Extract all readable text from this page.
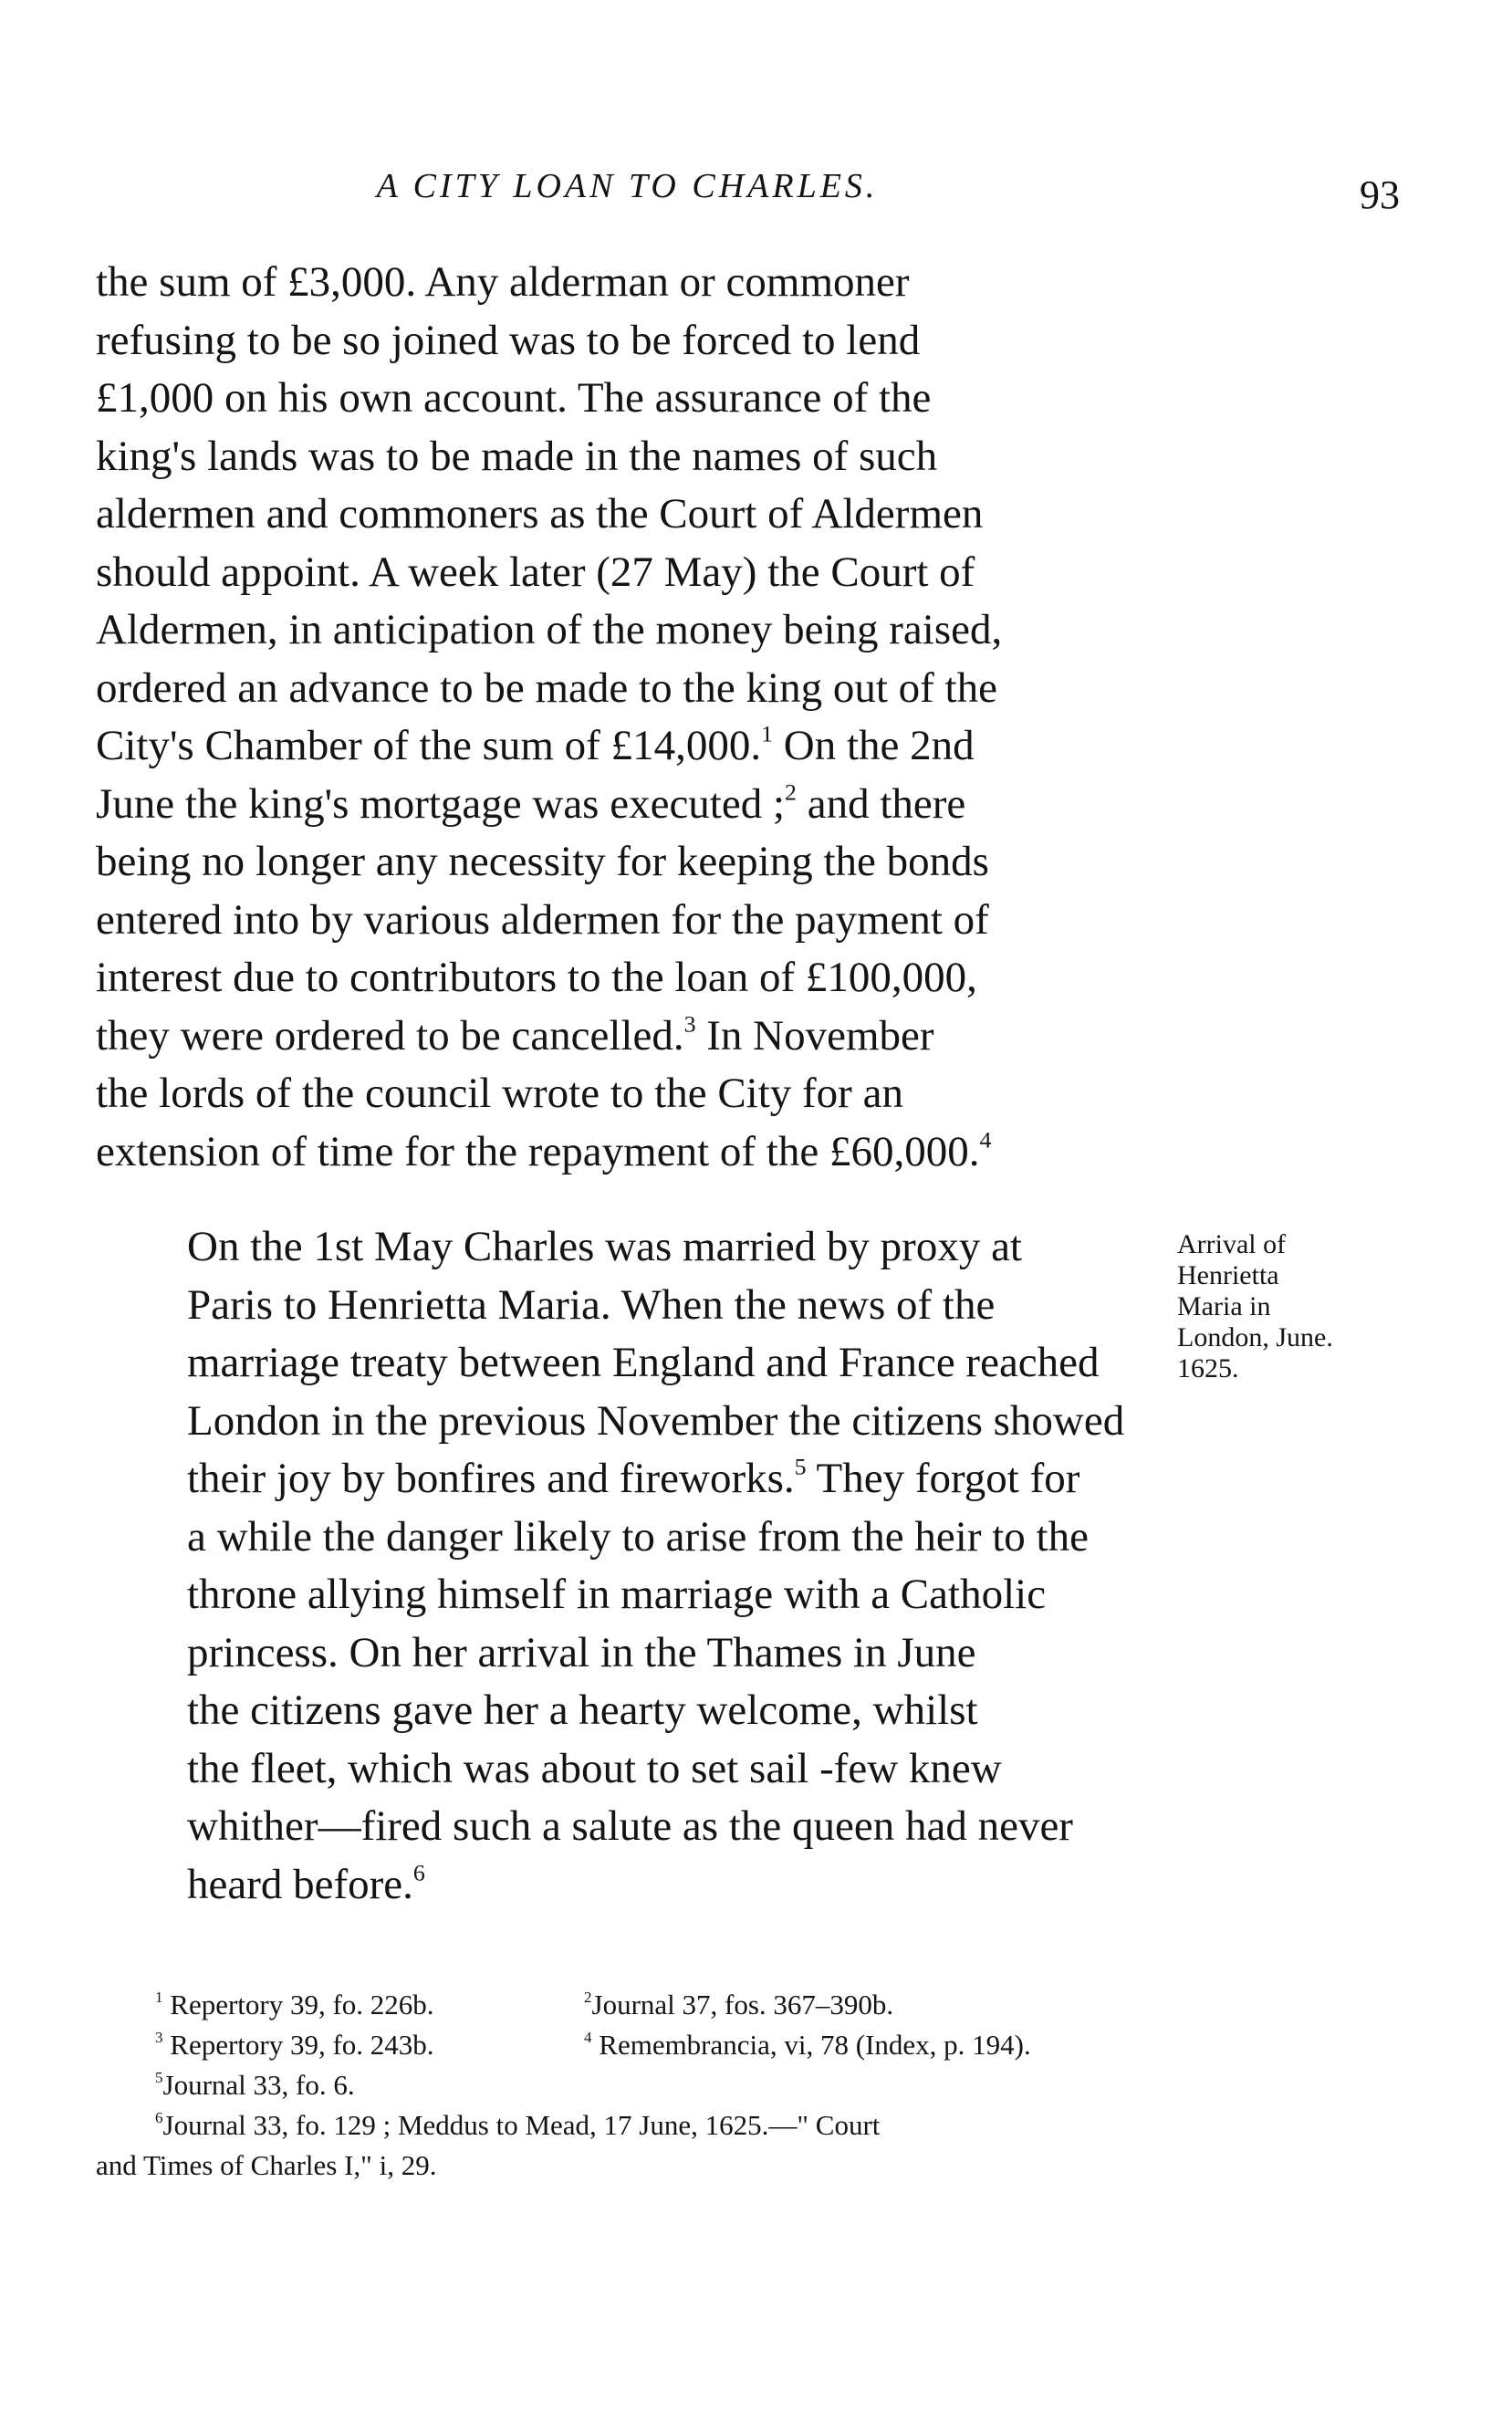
A CITY LOAN TO CHARLES.	93
the sum of £3,000. Any alderman or commoner
refusing to be so joined was to be forced to lend
£1,000 on his own account. The assurance of the
king's lands was to be made in the names of such
aldermen and commoners as the Court of Aldermen
should appoint. A week later (27 May) the Court of
Aldermen, in anticipation of the money being raised,
ordered an advance to be made to the king out of the
City's Chamber of the sum of £14,000.$^1$ On the 2nd
June the king's mortgage was executed ;$^2$ and there
being no longer any necessity for keeping the bonds
entered into by various aldermen for the payment of
interest due to contributors to the loan of £100,000,
they were ordered to be cancelled.$^3$ In November
the lords of the council wrote to the City for an
extension of time for the repayment of the £60,000.$^4$
On the 1st May Charles was married by proxy at
Paris to Henrietta Maria. When the news of the
marriage treaty between England and France reached
London in the previous November the citizens showed
their joy by bonfires and fireworks.$^5$ They forgot for
a while the danger likely to arise from the heir to the
throne allying himself in marriage with a Catholic
princess. On her arrival in the Thames in June
the citizens gave her a hearty welcome, whilst
the fleet, which was about to set sail -few knew
whither—fired such a salute as the queen had never
heard before.$^6$
Arrival of
Henrietta
Maria in
London, June.
1625.
$^1$ Repertory 39, fo. 226b.	$^2$Journal 37, fos. 367–390b.
$^3$ Repertory 39, fo. 243b.	$^4$ Remembrancia, vi, 78 (Index, p. 194).
$^5$Journal 33, fo. 6.
$^6$Journal 33, fo. 129 ; Meddus to Mead, 17 June, 1625.—" Court
and Times of Charles I," i, 29.
